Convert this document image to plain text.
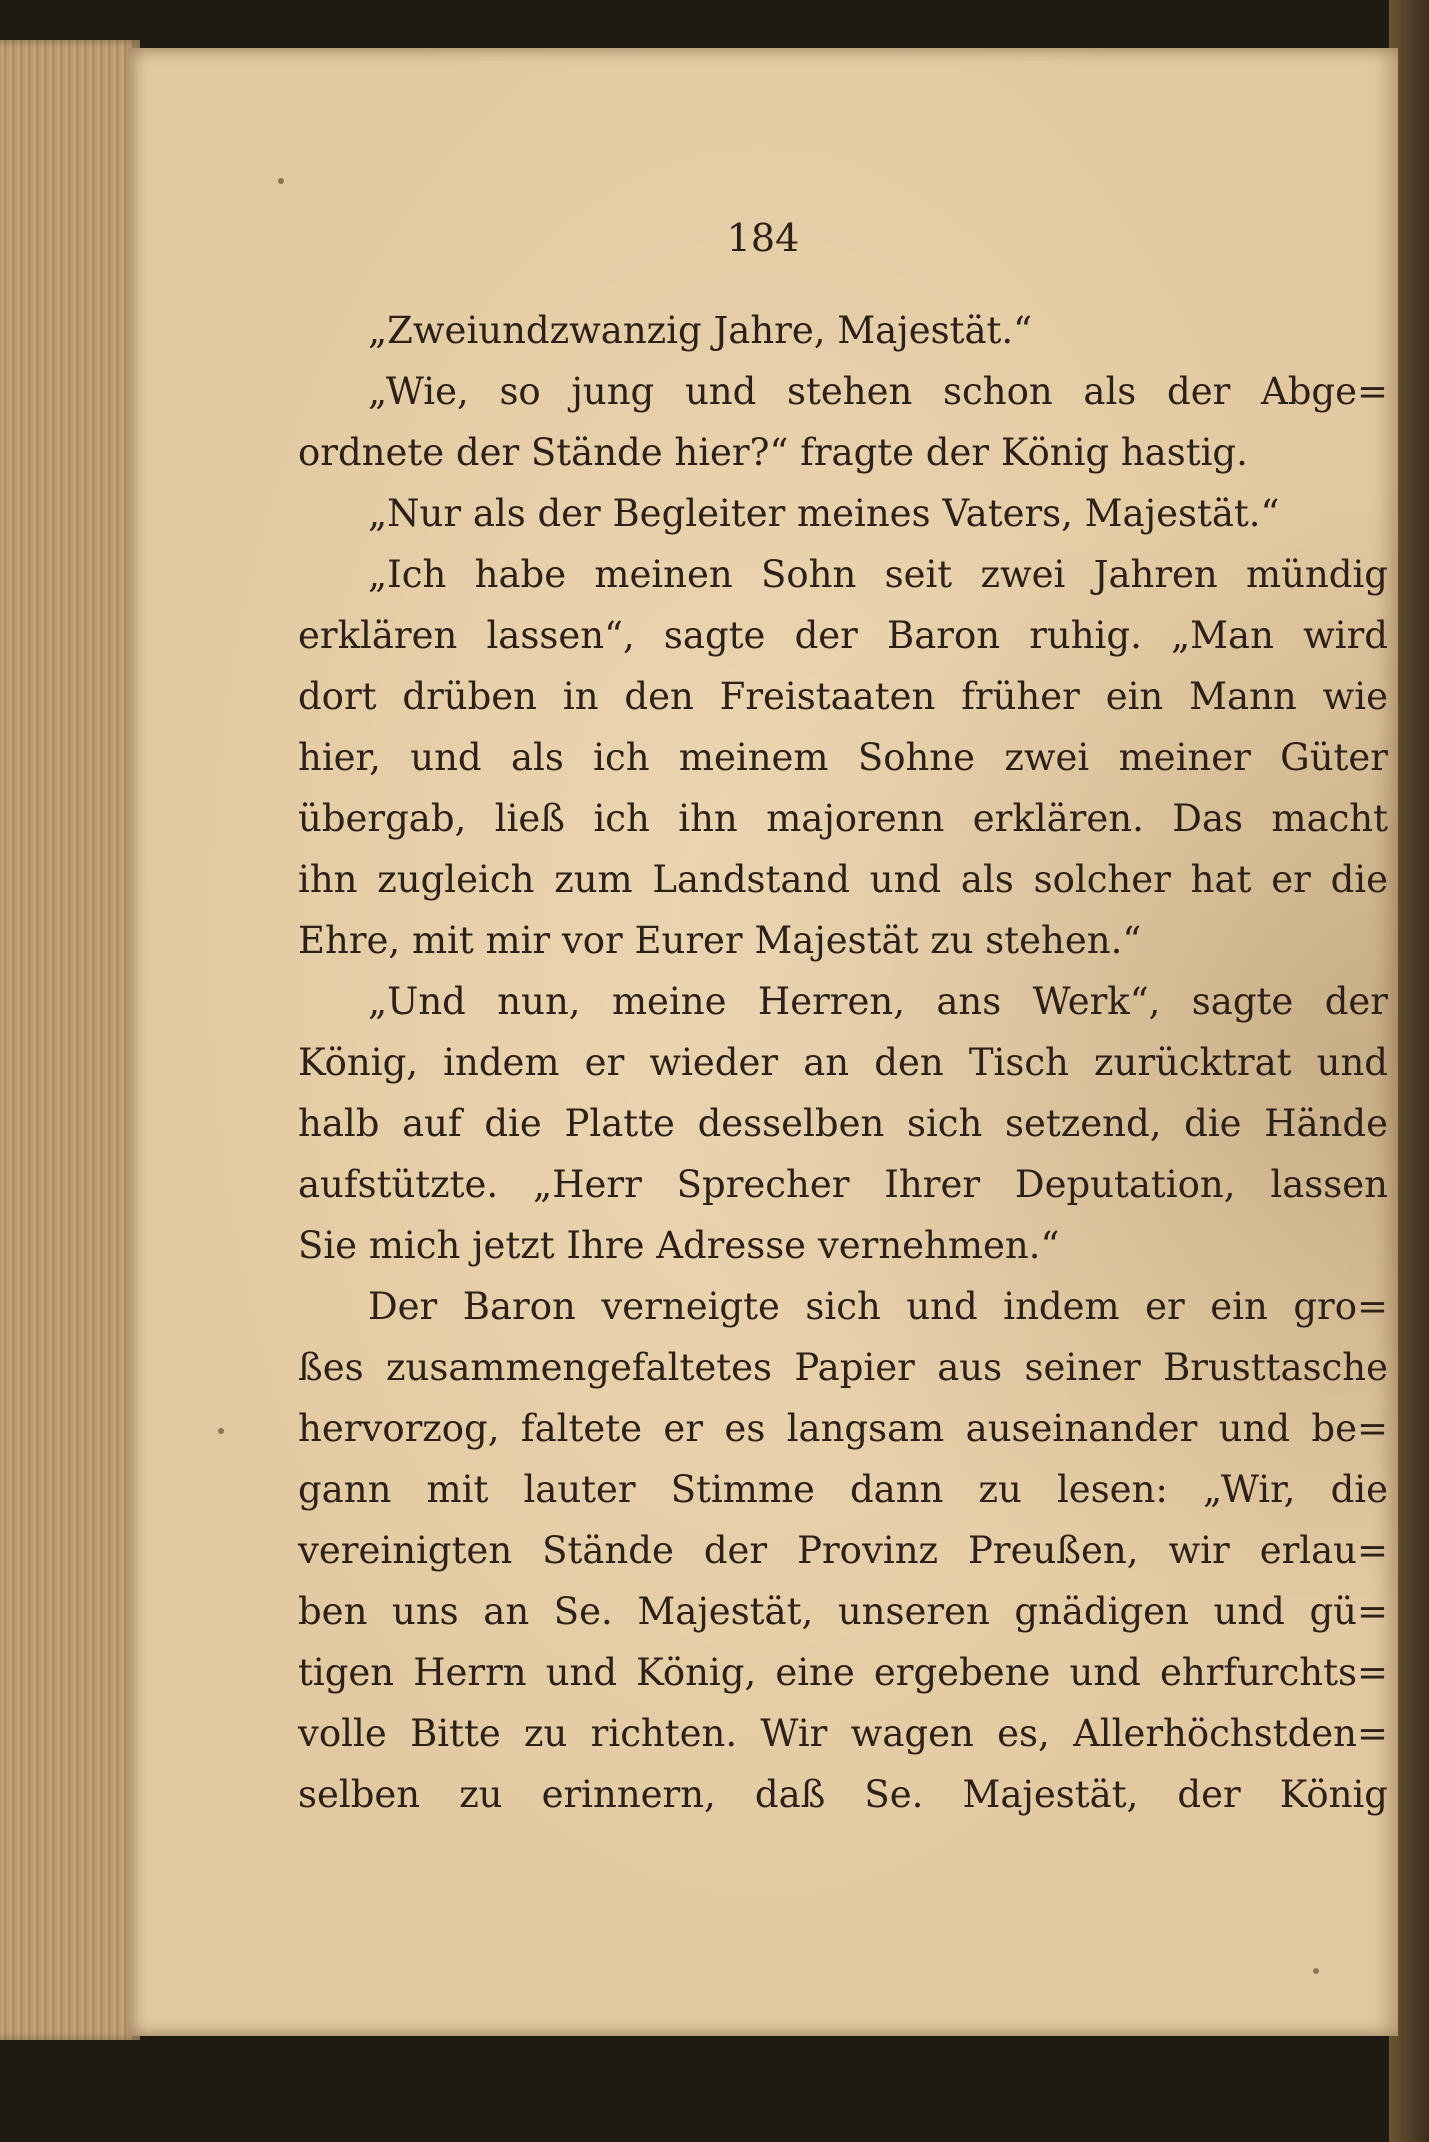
184
„Zweiundzwanzig Jahre, Majestät.“
„Wie, so jung und stehen schon als der Abge=
ordnete der Stände hier?“ fragte der König hastig.
„Nur als der Begleiter meines Vaters, Majestät.“
„Ich habe meinen Sohn seit zwei Jahren mündig
erklären lassen“, sagte der Baron ruhig. „Man wird
dort drüben in den Freistaaten früher ein Mann wie
hier, und als ich meinem Sohne zwei meiner Güter
übergab, ließ ich ihn majorenn erklären. Das macht
ihn zugleich zum Landstand und als solcher hat er die
Ehre, mit mir vor Eurer Majestät zu stehen.“
„Und nun, meine Herren, ans Werk“, sagte der
König, indem er wieder an den Tisch zurücktrat und
halb auf die Platte desselben sich setzend, die Hände
aufstützte. „Herr Sprecher Ihrer Deputation, lassen
Sie mich jetzt Ihre Adresse vernehmen.“
Der Baron verneigte sich und indem er ein gro=
ßes zusammengefaltetes Papier aus seiner Brusttasche
hervorzog, faltete er es langsam auseinander und be=
gann mit lauter Stimme dann zu lesen: „Wir, die
vereinigten Stände der Provinz Preußen, wir erlau=
ben uns an Se. Majestät, unseren gnädigen und gü=
tigen Herrn und König, eine ergebene und ehrfurchts=
volle Bitte zu richten. Wir wagen es, Allerhöchstden=
selben zu erinnern, daß Se. Majestät, der König
